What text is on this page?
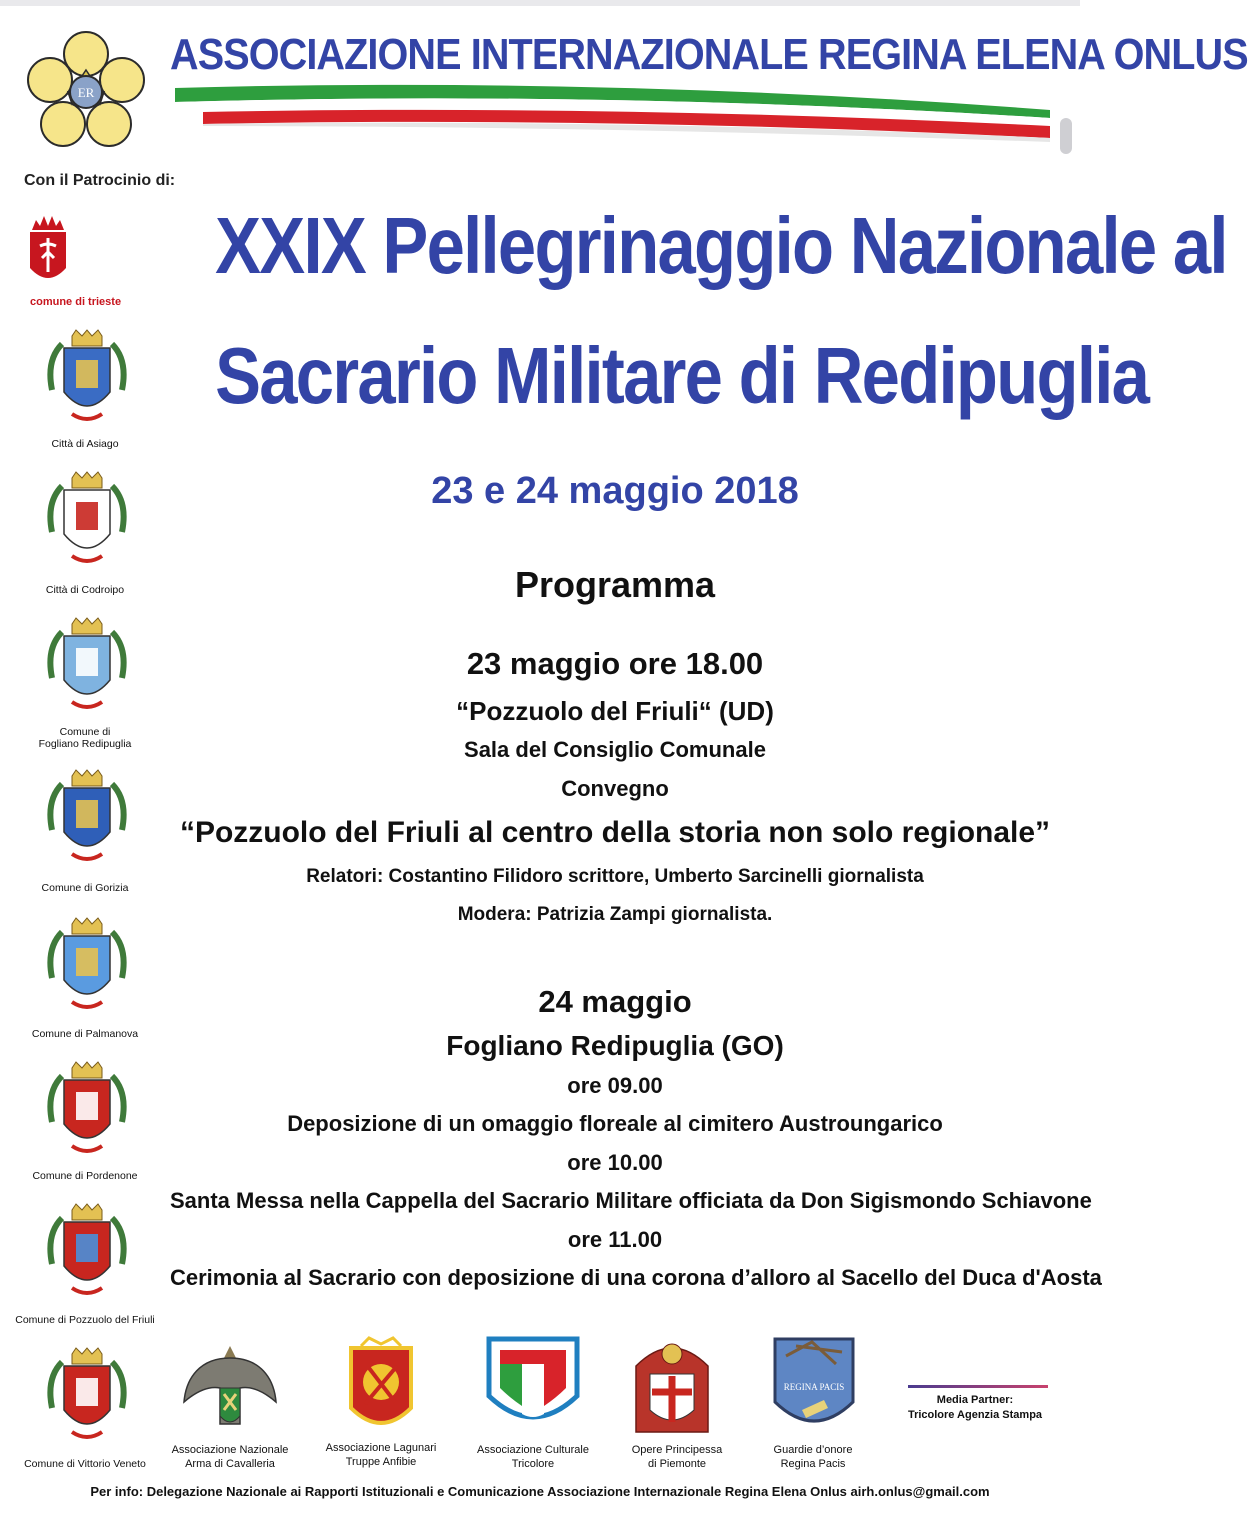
ER
ASSOCIAZIONE INTERNAZIONALE REGINA ELENA ONLUS
Con il Patrocinio di:
comune di trieste
Città di Asiago
Città di Codroipo
Comune di
Fogliano Redipuglia
Comune di Gorizia
Comune di Palmanova
Comune di Pordenone
Comune di Pozzuolo del Friuli
Comune di Vittorio Veneto
XXIX Pellegrinaggio Nazionale al
Sacrario Militare di Redipuglia
23 e 24 maggio 2018
Programma
23 maggio ore 18.00
“Pozzuolo del Friuli“ (UD)
Sala del Consiglio Comunale
Convegno
“Pozzuolo del Friuli al centro della storia non solo regionale”
Relatori: Costantino Filidoro scrittore, Umberto Sarcinelli giornalista
Modera: Patrizia Zampi giornalista.
24 maggio
Fogliano Redipuglia (GO)
ore 09.00
Deposizione di un omaggio floreale al cimitero Austroungarico
ore 10.00
Santa Messa nella Cappella del Sacrario Militare officiata da Don Sigismondo Schiavone
ore 11.00
Cerimonia al Sacrario con deposizione di una corona d’alloro al Sacello del Duca d'Aosta
REGINA PACIS
Associazione Nazionale
Arma di Cavalleria
Associazione Lagunari
Truppe Anfibie
Associazione Culturale
Tricolore
Opere Principessa
di Piemonte
Guardie d’onore
Regina Pacis
Media Partner:
Tricolore Agenzia Stampa
Per info: Delegazione Nazionale ai Rapporti Istituzionali e Comunicazione Associazione Internazionale Regina Elena Onlus airh.onlus@gmail.com
